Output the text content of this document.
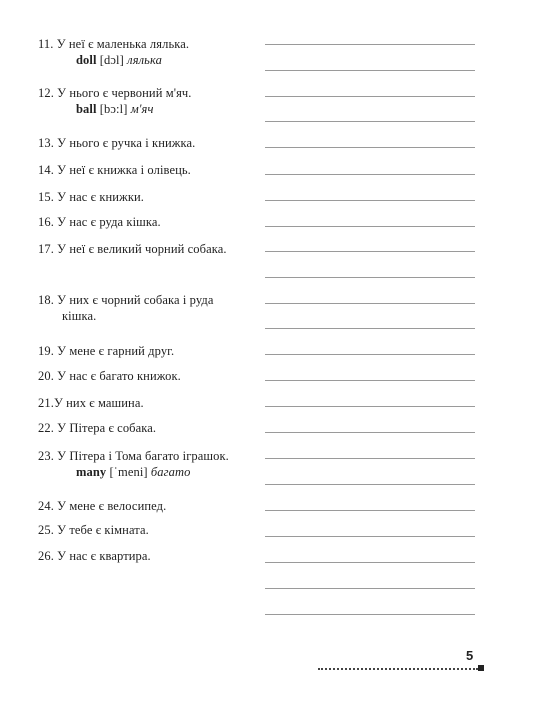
11. У неї є маленька лялька.
doll [dɔl] лялька
12. У нього є червоний м'яч.
ball [bɔ:l] м'яч
13. У нього є ручка і книжка.
14. У неї є книжка і олівець.
15. У нас є книжки.
16. У нас є руда кішка.
17. У неї є великий чорний собака.
18. У них є чорний собака і руда
кішка.
19. У мене є гарний друг.
20. У нас є багато книжок.
21.У них є машина.
22. У Пітера є собака.
23. У Пітера і Тома багато іграшок.
many [ˈmeni] багато
24. У мене є велосипед.
25. У тебе є кімната.
26. У нас є квартира.
5
